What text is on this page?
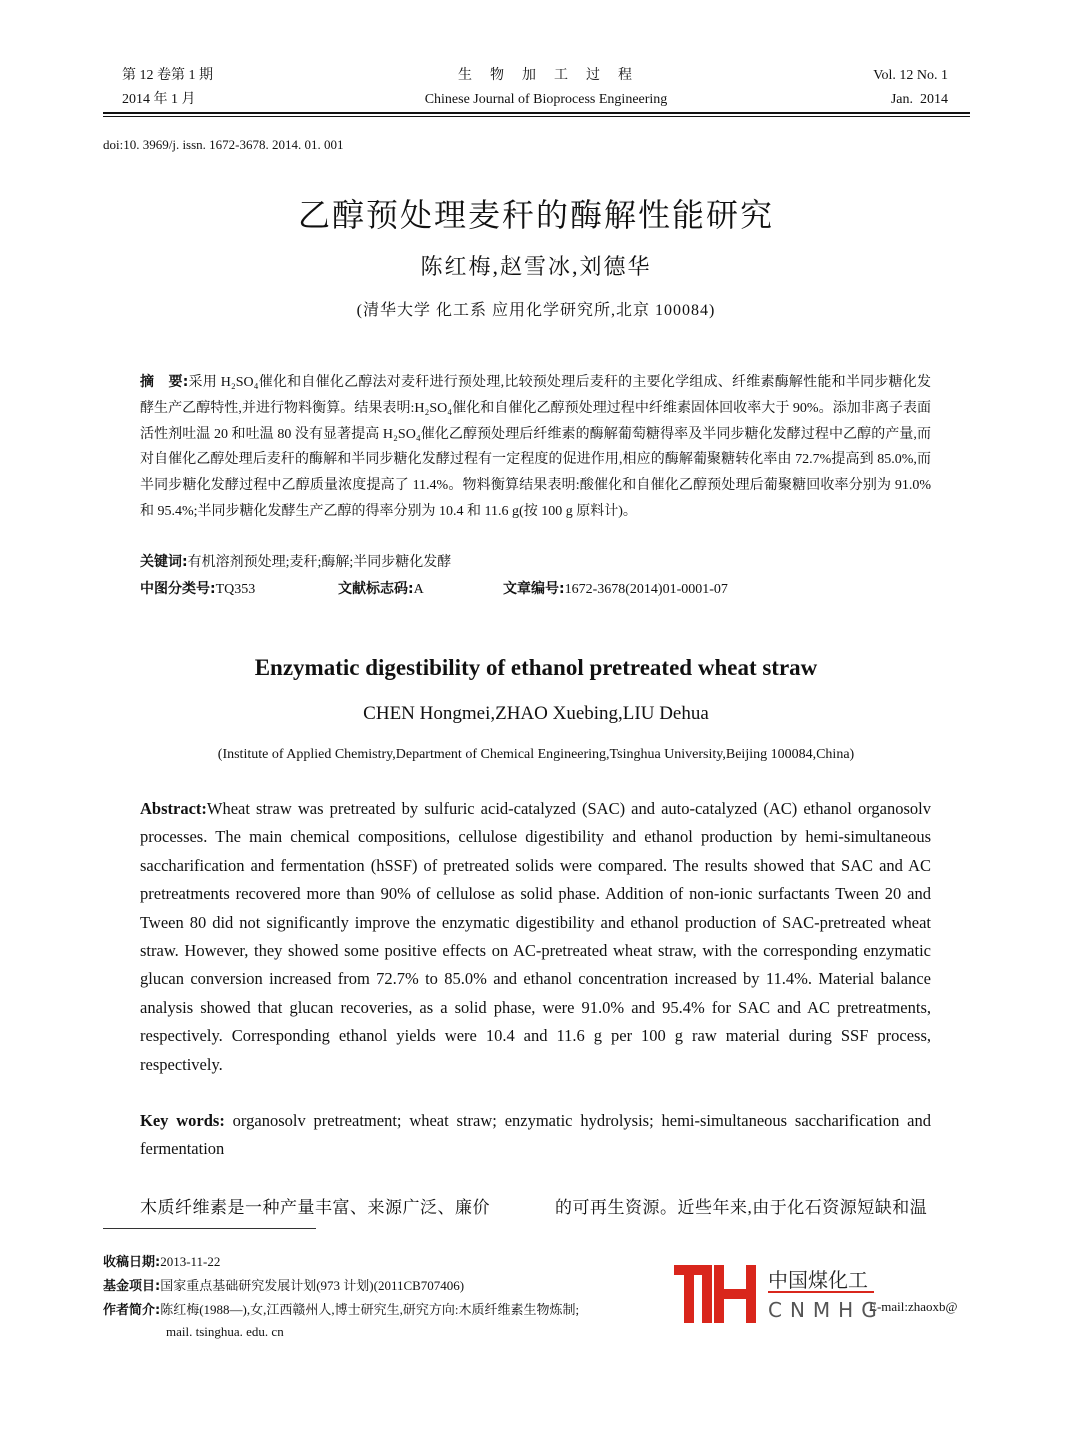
第 12 卷第 1 期
2014 年 1 月
生　物　加　工　过　程
Chinese Journal of Bioprocess Engineering
Vol. 12 No. 1
Jan.  2014
doi:10. 3969/j. issn. 1672-3678. 2014. 01. 001
乙醇预处理麦秆的酶解性能研究
陈红梅,赵雪冰,刘德华
(清华大学 化工系 应用化学研究所,北京 100084)
摘　要:采用 H₂SO₄催化和自催化乙醇法对麦秆进行预处理,比较预处理后麦秆的主要化学组成、纤维素酶解性能和半同步糖化发酵生产乙醇特性,并进行物料衡算。结果表明:H₂SO₄催化和自催化乙醇预处理过程中纤维素固体回收率大于 90%。添加非离子表面活性剂吐温 20 和吐温 80 没有显著提高 H₂SO₄催化乙醇预处理后纤维素的酶解葡萄糖得率及半同步糖化发酵过程中乙醇的产量,而对自催化乙醇处理后麦秆的酶解和半同步糖化发酵过程有一定程度的促进作用,相应的酶解葡聚糖转化率由 72.7%提高到 85.0%,而半同步糖化发酵过程中乙醇质量浓度提高了 11.4%。物料衡算结果表明:酸催化和自催化乙醇预处理后葡聚糖回收率分别为 91.0%和 95.4%;半同步糖化发酵生产乙醇的得率分别为 10.4 和 11.6 g(按 100 g 原料计)。
关键词:有机溶剂预处理;麦秆;酶解;半同步糖化发酵
中图分类号:TQ353	文献标志码:A	文章编号:1672-3678(2014)01-0001-07
Enzymatic digestibility of ethanol pretreated wheat straw
CHEN Hongmei,ZHAO Xuebing,LIU Dehua
(Institute of Applied Chemistry,Department of Chemical Engineering,Tsinghua University,Beijing 100084,China)
Abstract:Wheat straw was pretreated by sulfuric acid-catalyzed (SAC) and auto-catalyzed (AC) ethanol organosolv processes. The main chemical compositions, cellulose digestibility and ethanol production by hemi-simultaneous saccharification and fermentation (hSSF) of pretreated solids were compared. The results showed that SAC and AC pretreatments recovered more than 90% of cellulose as solid phase. Addition of non-ionic surfactants Tween 20 and Tween 80 did not significantly improve the enzymatic digestibility and ethanol production of SAC-pretreated wheat straw. However, they showed some positive effects on AC-pretreated wheat straw, with the corresponding enzymatic glucan conversion increased from 72.7% to 85.0% and ethanol concentration increased by 11.4%. Material balance analysis showed that glucan recoveries, as a solid phase, were 91.0% and 95.4% for SAC and AC pretreatments, respectively. Corresponding ethanol yields were 10.4 and 11.6 g per 100 g raw material during SSF process, respectively.
Key words: organosolv pretreatment; wheat straw; enzymatic hydrolysis; hemi-simultaneous saccharification and fermentation
木质纤维素是一种产量丰富、来源广泛、廉价	的可再生资源。近些年来,由于化石资源短缺和温
收稿日期:2013-11-22
基金项目:国家重点基础研究发展计划(973 计划)(2011CB707406)
作者简介:陈红梅(1988—),女,江西赣州人,博士研究生,研究方向:木质纤维素生物炼制;	E-mail:zhaoxb@
mail. tsinghua. edu. cn
中国煤化工
CNMHG
